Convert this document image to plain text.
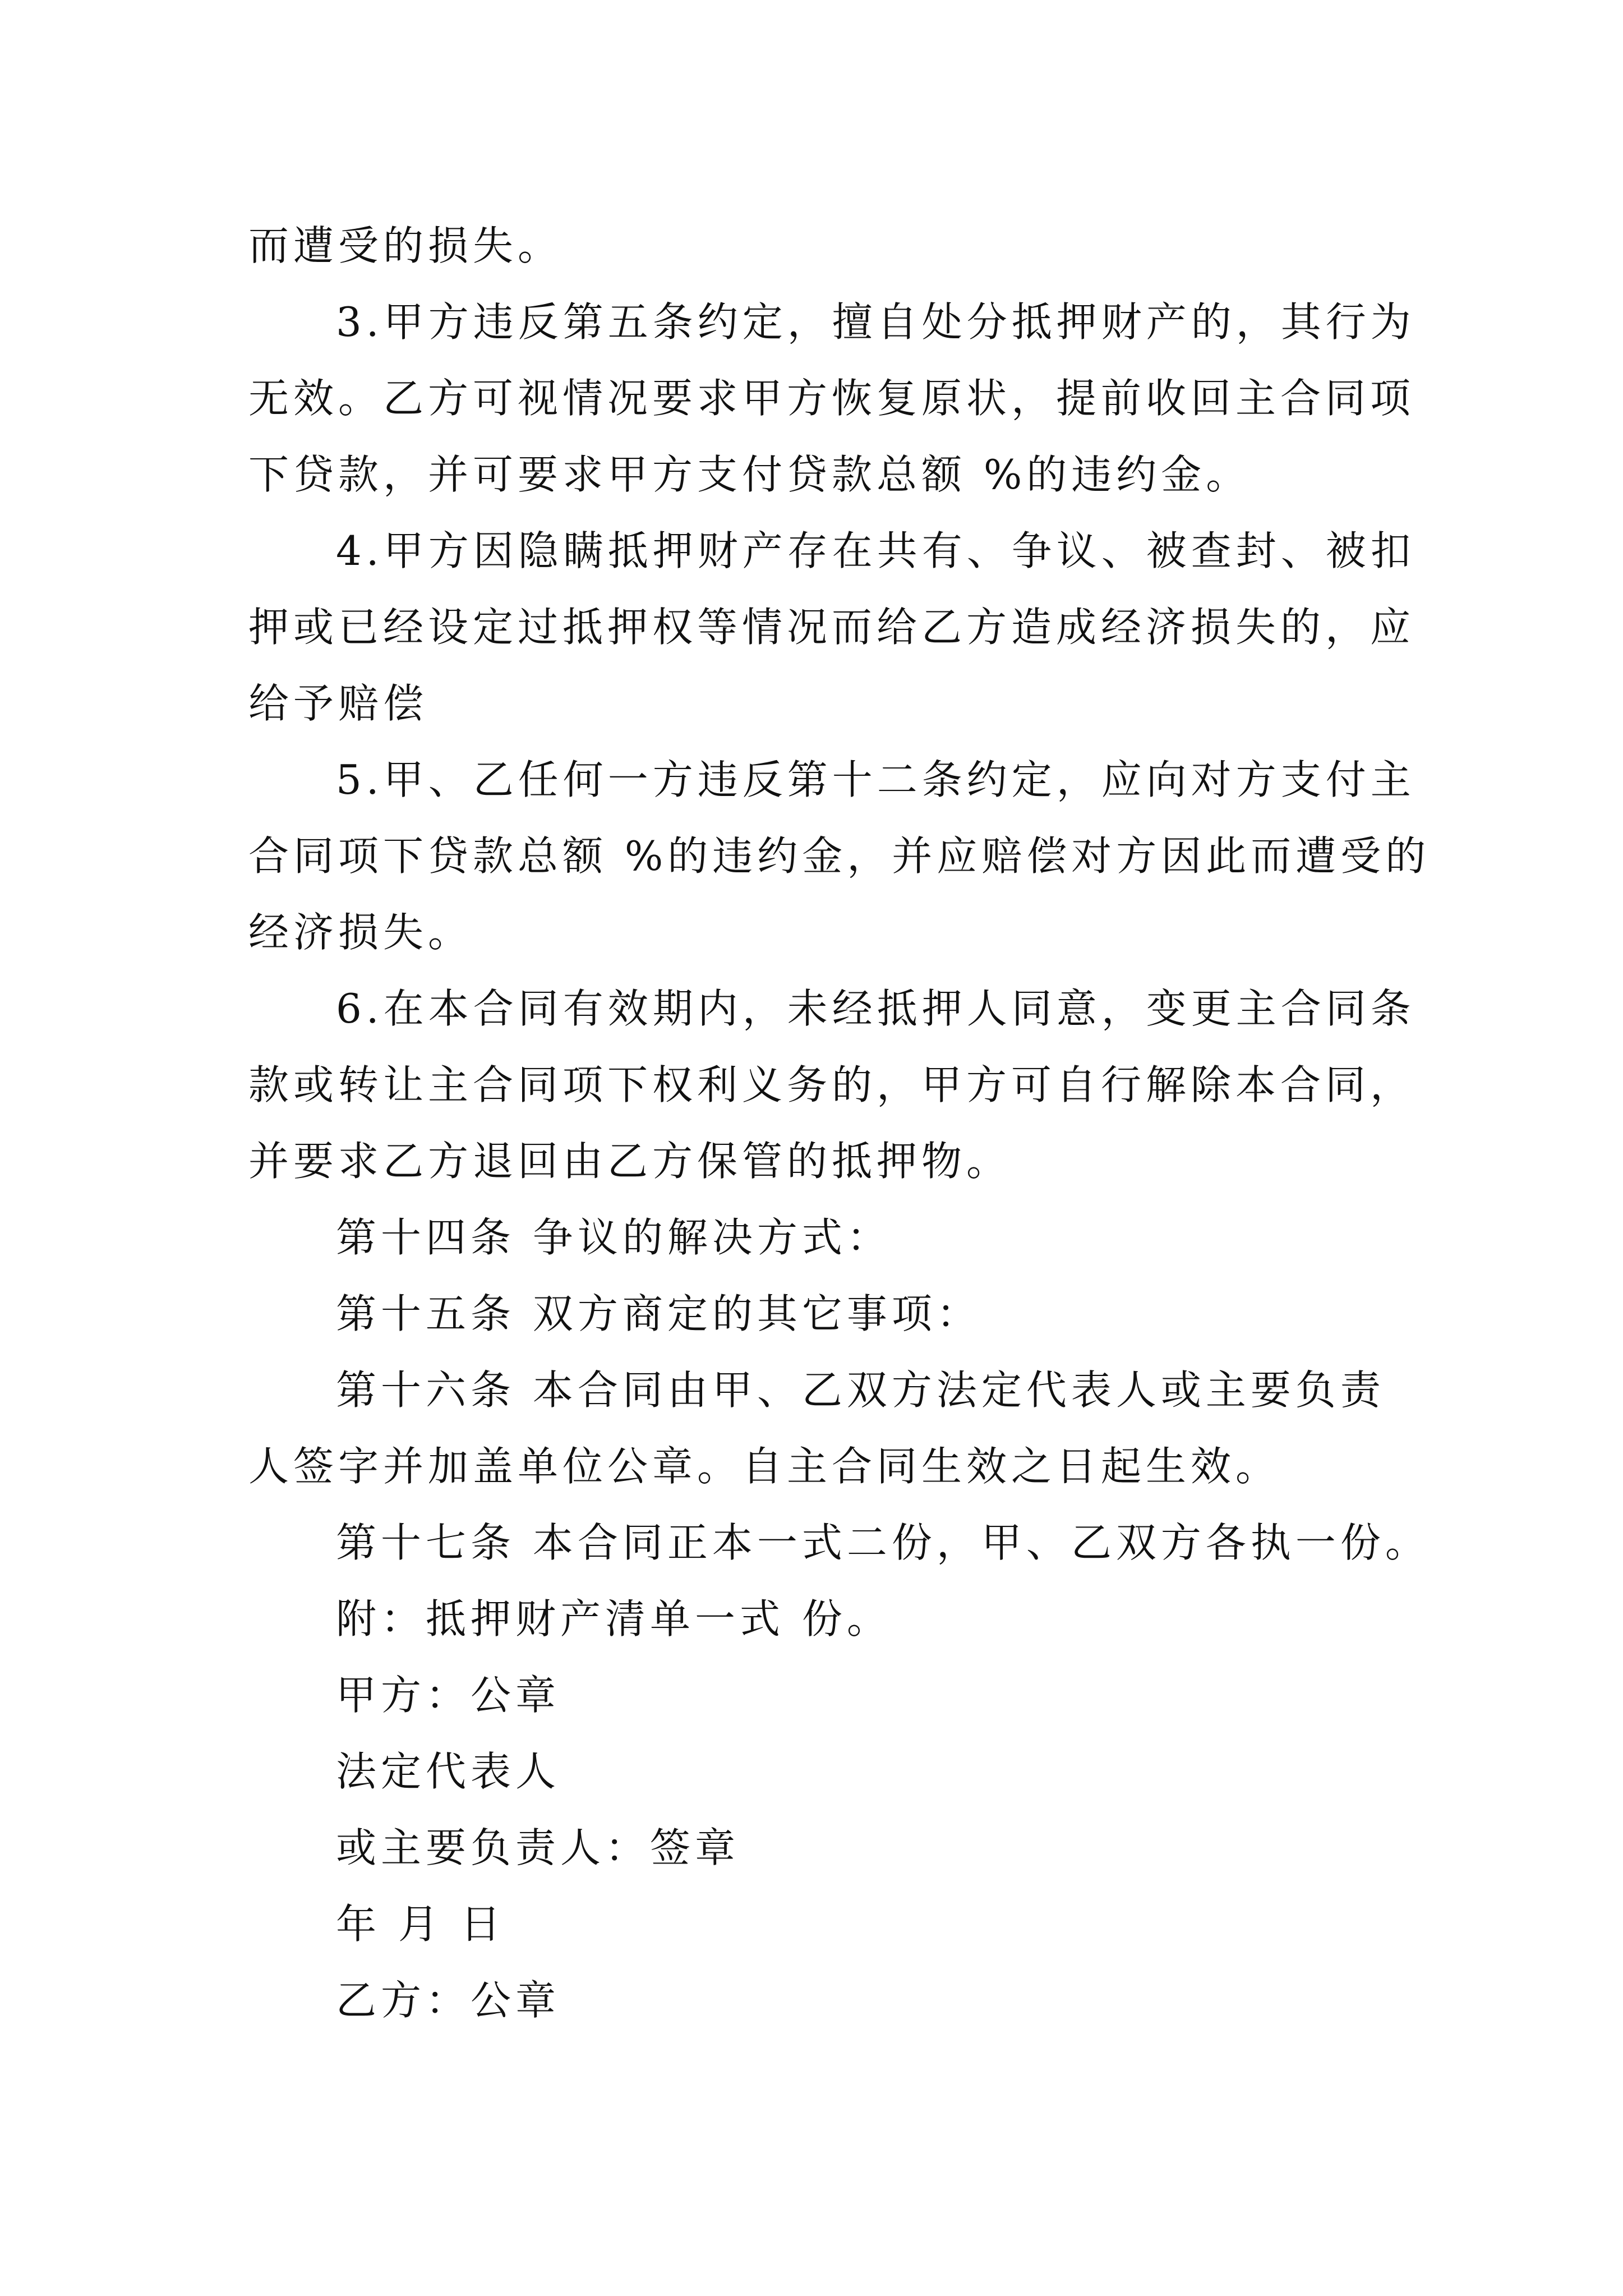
而遭受的损失。
3.甲方违反第五条约定，擅自处分抵押财产的，其行为
无效。乙方可视情况要求甲方恢复原状，提前收回主合同项
下贷款，并可要求甲方支付贷款总额 %的违约金。
4.甲方因隐瞒抵押财产存在共有、争议、被查封、被扣
押或已经设定过抵押权等情况而给乙方造成经济损失的，应
给予赔偿
5.甲、乙任何一方违反第十二条约定，应向对方支付主
合同项下贷款总额 %的违约金，并应赔偿对方因此而遭受的
经济损失。
6.在本合同有效期内，未经抵押人同意，变更主合同条
款或转让主合同项下权利义务的，甲方可自行解除本合同，
并要求乙方退回由乙方保管的抵押物。
第十四条 争议的解决方式：
第十五条 双方商定的其它事项：
第十六条 本合同由甲、乙双方法定代表人或主要负责
人签字并加盖单位公章。自主合同生效之日起生效。
第十七条 本合同正本一式二份，甲、乙双方各执一份。
附：抵押财产清单一式 份。
甲方：公章
法定代表人
或主要负责人：签章
年 月 日
乙方：公章
